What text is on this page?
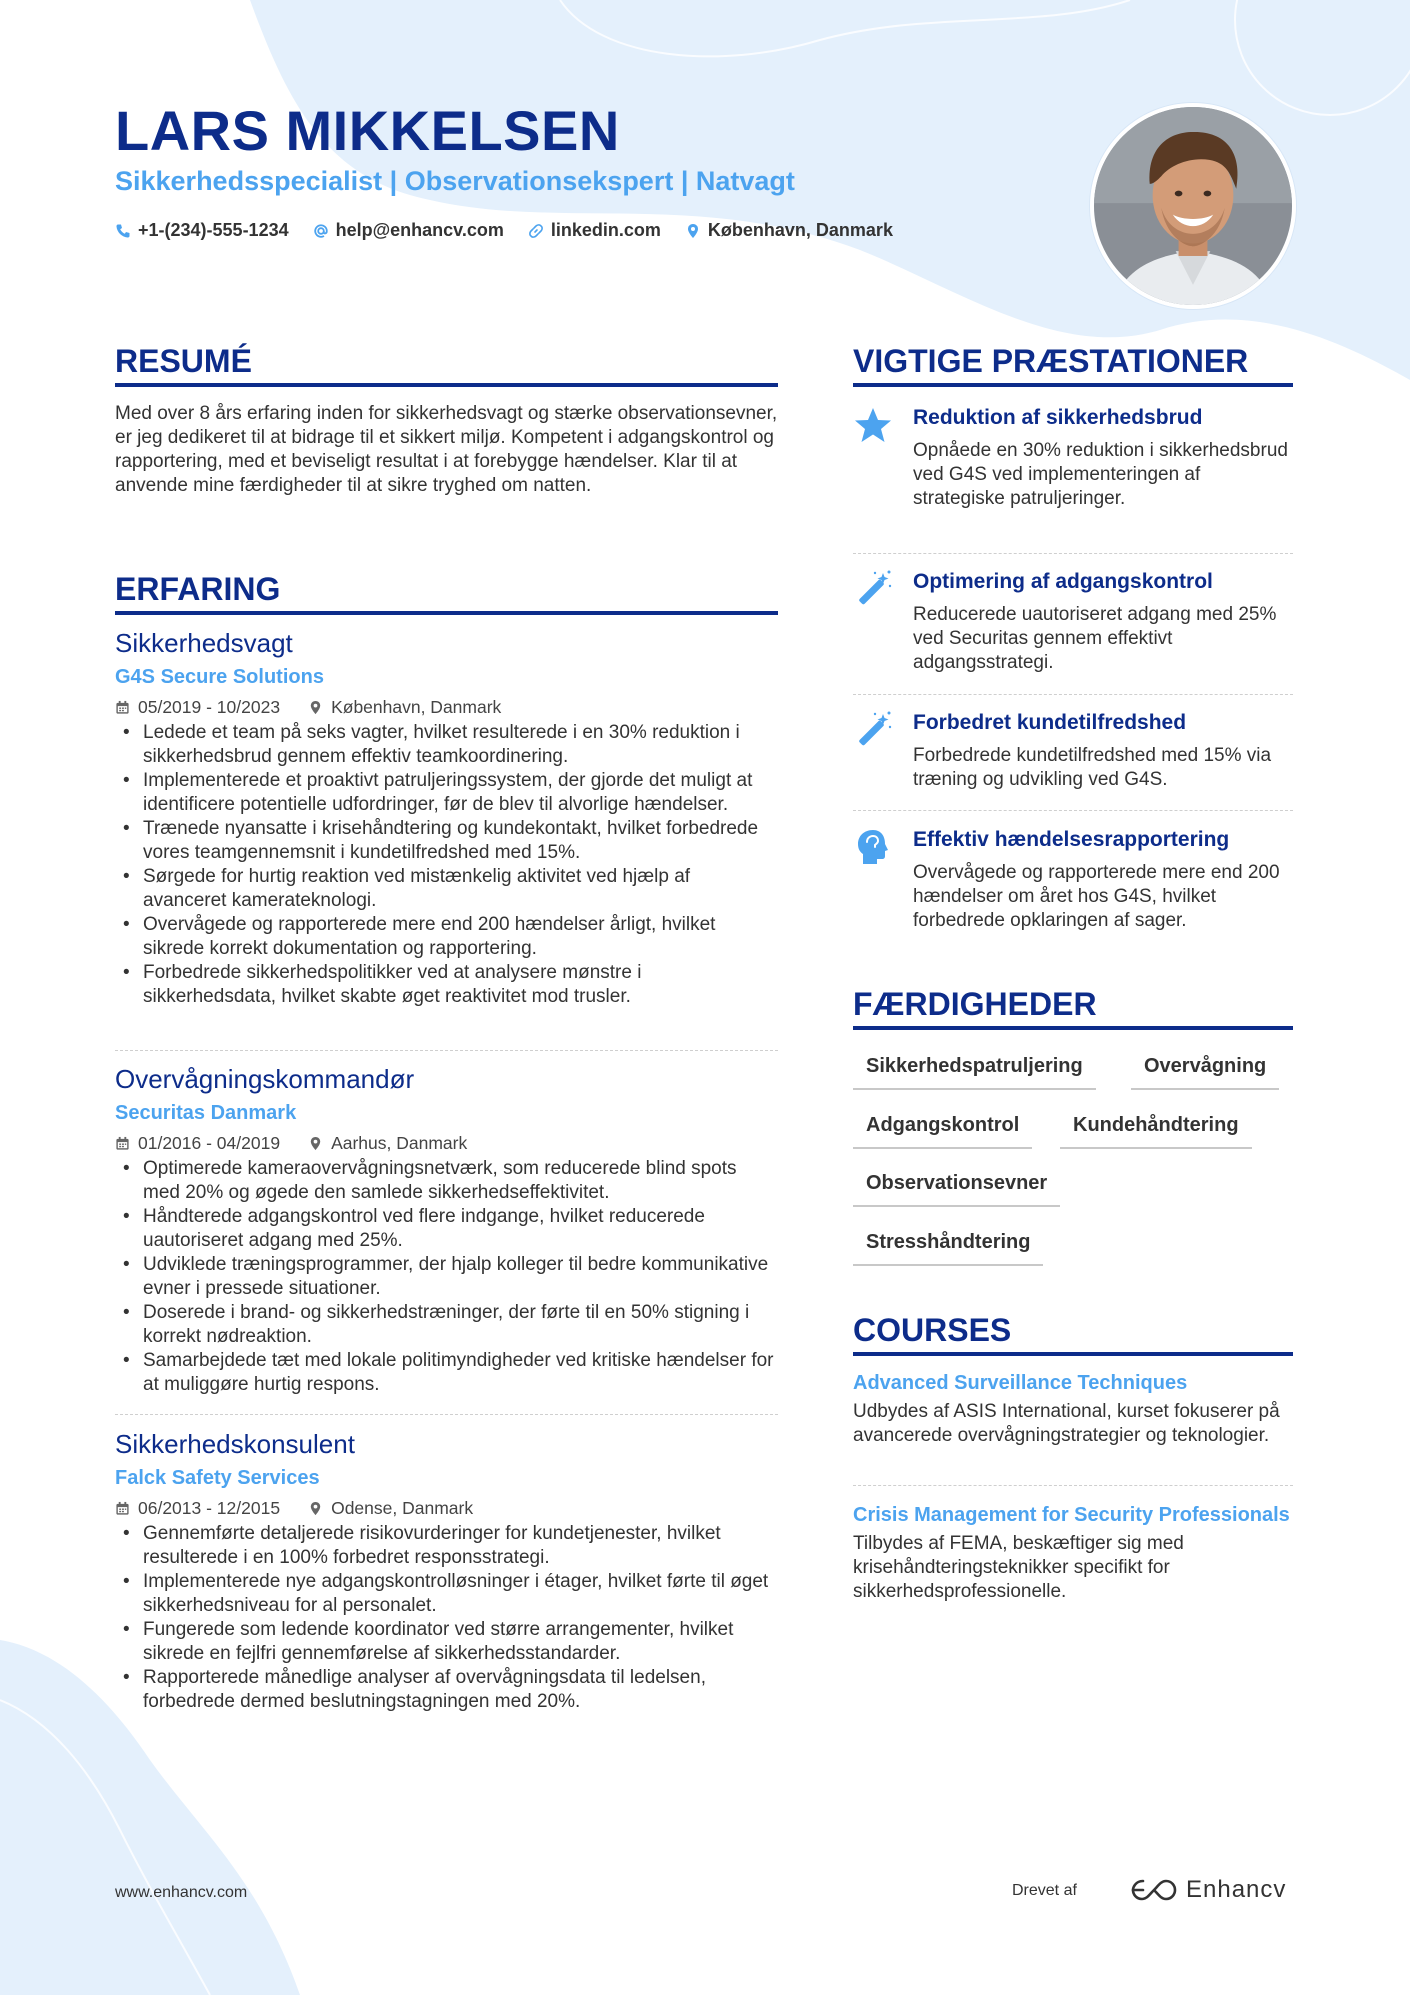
LARS MIKKELSEN
Sikkerhedsspecialist | Observationsekspert | Natvagt
+1-(234)-555-1234	help@enhancv.com	linkedin.com	København, Danmark
RESUMÉ
Med over 8 års erfaring inden for sikkerhedsvagt og stærke observationsevner, er jeg dedikeret til at bidrage til et sikkert miljø. Kompetent i adgangskontrol og rapportering, med et beviseligt resultat i at forebygge hændelser. Klar til at anvende mine færdigheder til at sikre tryghed om natten.
ERFARING
Sikkerhedsvagt
G4S Secure Solutions
05/2019 - 10/2023	København, Danmark
• Ledede et team på seks vagter, hvilket resulterede i en 30% reduktion i sikkerhedsbrud gennem effektiv teamkoordinering.
• Implementerede et proaktivt patruljeringssystem, der gjorde det muligt at identificere potentielle udfordringer, før de blev til alvorlige hændelser.
• Trænede nyansatte i krisehåndtering og kundekontakt, hvilket forbedrede vores teamgennemsnit i kundetilfredshed med 15%.
• Sørgede for hurtig reaktion ved mistænkelig aktivitet ved hjælp af avanceret kamerateknologi.
• Overvågede og rapporterede mere end 200 hændelser årligt, hvilket sikrede korrekt dokumentation og rapportering.
• Forbedrede sikkerhedspolitikker ved at analysere mønstre i sikkerhedsdata, hvilket skabte øget reaktivitet mod trusler.
Overvågningskommandør
Securitas Danmark
01/2016 - 04/2019	Aarhus, Danmark
• Optimerede kameraovervågningsnetværk, som reducerede blind spots med 20% og øgede den samlede sikkerhedseffektivitet.
• Håndterede adgangskontrol ved flere indgange, hvilket reducerede uautoriseret adgang med 25%.
• Udviklede træningsprogrammer, der hjalp kolleger til bedre kommunikative evner i pressede situationer.
• Doserede i brand- og sikkerhedstræninger, der førte til en 50% stigning i korrekt nødreaktion.
• Samarbejdede tæt med lokale politimyndigheder ved kritiske hændelser for at muliggøre hurtig respons.
Sikkerhedskonsulent
Falck Safety Services
06/2013 - 12/2015	Odense, Danmark
• Gennemførte detaljerede risikovurderinger for kundetjenester, hvilket resulterede i en 100% forbedret responsstrategi.
• Implementerede nye adgangskontrolløsninger i étager, hvilket førte til øget sikkerhedsniveau for al personalet.
• Fungerede som ledende koordinator ved større arrangementer, hvilket sikrede en fejlfri gennemførelse af sikkerhedsstandarder.
• Rapporterede månedlige analyser af overvågningsdata til ledelsen, forbedrede dermed beslutningstagningen med 20%.
VIGTIGE PRÆSTATIONER
Reduktion af sikkerhedsbrud
Opnåede en 30% reduktion i sikkerhedsbrud ved G4S ved implementeringen af strategiske patruljeringer.
Optimering af adgangskontrol
Reducerede uautoriseret adgang med 25% ved Securitas gennem effektivt adgangsstrategi.
Forbedret kundetilfredshed
Forbedrede kundetilfredshed med 15% via træning og udvikling ved G4S.
Effektiv hændelsesrapportering
Overvågede og rapporterede mere end 200 hændelser om året hos G4S, hvilket forbedrede opklaringen af sager.
FÆRDIGHEDER
Sikkerhedspatruljering	Overvågning
Adgangskontrol	Kundehåndtering
Observationsevner
Stresshåndtering
COURSES
Advanced Surveillance Techniques
Udbydes af ASIS International, kurset fokuserer på avancerede overvågningstrategier og teknologier.
Crisis Management for Security Professionals
Tilbydes af FEMA, beskæftiger sig med krisehåndteringsteknikker specifikt for sikkerhedsprofessionelle.
www.enhancv.com	Drevet af	Enhancv
